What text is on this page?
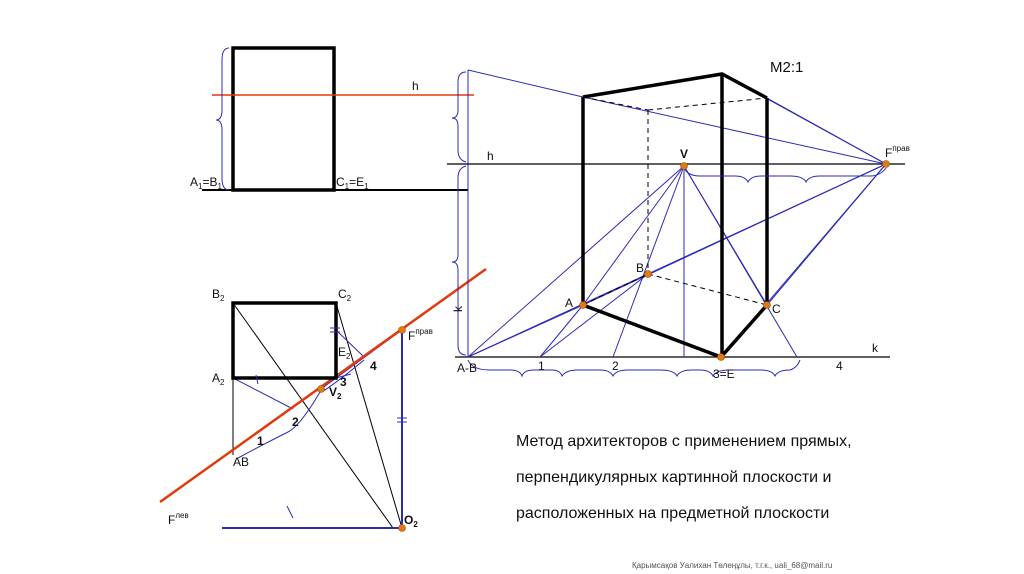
h
$A_1=B_1$	$C_1=E_1$
$B_2$	$C_2$
$A_2$
$E_2$
$V_2$
$O_2$
AB
$F^{прав}$
$F^{лев}$
1
2
3
4
М2:1
h
k
k
V	$F^{прав}$
B
A	C
A-B	3=E
1	2	4
Метод архитекторов с применением прямых,
перпендикулярных картинной плоскости и
расположенных на предметной плоскости
Қарымсақов Уалихан Төлеңұлы, т.г.к., uali_68@mail.ru
